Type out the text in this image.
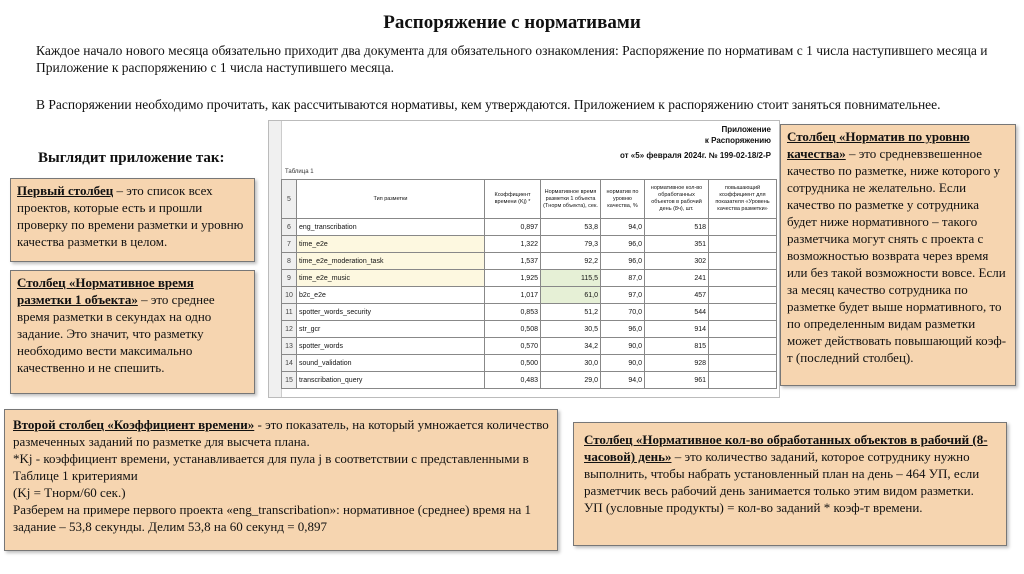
Распоряжение с нормативами

Каждое начало нового месяца обязательно приходит два документа для обязательного ознакомления: Распоряжение по нормативам с 1 числа наступившего месяца и Приложение к распоряжению с 1 числа наступившего месяца.

В Распоряжении необходимо прочитать, как рассчитываются нормативы, кем утверждаются. Приложением к распоряжению стоит заняться повнимательнее.

Выглядит приложение так:
Приложение
к Распоряжению
от «5» февраля 2024г. № 199-02-18/2-Р
Таблица 1
5	Тип разметки	Коэффициент времени (Kj) *	Нормативное время разметки 1 объекта (Тнорм объекта), сек.	норматив по уровню качества, %	нормативное кол-во обработанных объектов в рабочий день (8ч), шт.	повышающий коэффициент для показателя «Уровень качества разметки»
6	eng_transcribation	0,897	53,8	94,0	518	
7	time_e2e	1,322	79,3	96,0	351	
8	time_e2e_moderation_task	1,537	92,2	96,0	302	
9	time_e2e_music	1,925	115,5	87,0	241	
10	b2c_e2e	1,017	61,0	97,0	457	
11	spotter_words_security	0,853	51,2	70,0	544	
12	str_gcr	0,508	30,5	96,0	914	
13	spotter_words	0,570	34,2	90,0	815	
14	sound_validation	0,500	30,0	90,0	928	
15	transcribation_query	0,483	29,0	94,0	961	
Первый столбец – это список всех проектов, которые есть и прошли проверку по времени разметки и уровню качества разметки в целом.
Столбец «Нормативное время разметки 1 объекта» – это среднее время разметки в секундах на одно задание. Это значит, что разметку необходимо вести максимально качественно и не спешить.
Столбец «Норматив по уровню качества» – это средневзвешенное качество по разметке, ниже которого у сотрудника не желательно. Если качество по разметке у сотрудника будет ниже нормативного – такого разметчика могут снять с проекта с возможностью возврата через время или без такой возможности вовсе. Если за месяц качество сотрудника по разметке будет выше нормативного, то по определенным видам разметки может действовать повышающий коэф-т (последний столбец).
Второй столбец «Коэффициент времени» - это показатель, на который умножается количество размеченных заданий по разметке для высчета плана.
*Kj - коэффициент времени, устанавливается для пула j в соответствии с представленными в Таблице 1 критериями
(Kj = Тнорм/60 сек.)
Разберем на примере первого проекта «eng_transcribation»: нормативное (среднее) время на 1 задание – 53,8 секунды. Делим 53,8 на 60 секунд = 0,897
Столбец «Нормативное кол-во обработанных объектов в рабочий (8-часовой) день» – это количество заданий, которое сотруднику нужно выполнить, чтобы набрать установленный план на день – 464 УП, если разметчик весь рабочий день занимается только этим видом разметки.
УП (условные продукты) = кол-во заданий * коэф-т времени.
